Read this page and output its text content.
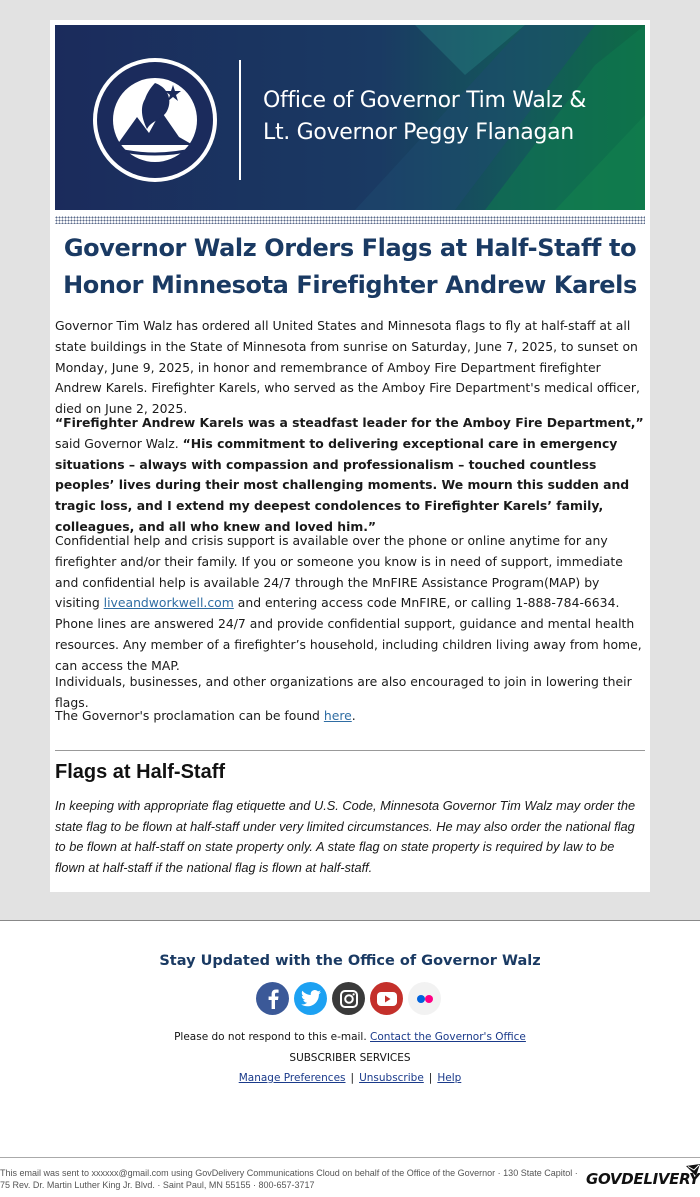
Office of Governor Tim Walz &
Lt. Governor Peggy Flanagan
Governor Walz Orders Flags at Half-Staff to Honor Minnesota Firefighter Andrew Karels

Governor Tim Walz has ordered all United States and Minnesota flags to fly at half-staff at all state buildings in the State of Minnesota from sunrise on Saturday, June 7, 2025, to sunset on Monday, June 9, 2025, in honor and remembrance of Amboy Fire Department firefighter Andrew Karels. Firefighter Karels, who served as the Amboy Fire Department's medical officer, died on June 2, 2025.

“Firefighter Andrew Karels was a steadfast leader for the Amboy Fire Department,” said Governor Walz. “His commitment to delivering exceptional care in emergency situations – always with compassion and professionalism – touched countless peoples’ lives during their most challenging moments. We mourn this sudden and tragic loss, and I extend my deepest condolences to Firefighter Karels’ family, colleagues, and all who knew and loved him.”

Confidential help and crisis support is available over the phone or online anytime for any firefighter and/or their family. If you or someone you know is in need of support, immediate and confidential help is available 24/7 through the MnFIRE Assistance Program(MAP) by visiting liveandworkwell.com and entering access code MnFIRE, or calling 1-888-784-6634. Phone lines are answered 24/7 and provide confidential support, guidance and mental health resources. Any member of a firefighter’s household, including children living away from home, can access the MAP.

Individuals, businesses, and other organizations are also encouraged to join in lowering their flags.

The Governor's proclamation can be found here.

Flags at Half-Staff

In keeping with appropriate flag etiquette and U.S. Code, Minnesota Governor Tim Walz may order the state flag to be flown at half-staff under very limited circumstances. He may also order the national flag to be flown at half-staff on state property only. A state flag on state property is required by law to be flown at half-staff if the national flag is flown at half-staff.

Stay Updated with the Office of Governor Walz
Please do not respond to this e-mail. Contact the Governor's Office
SUBSCRIBER SERVICES
Manage Preferences | Unsubscribe | Help
This email was sent to xxxxxx@gmail.com using GovDelivery Communications Cloud on behalf of the Office of the Governor · 130 State Capitol · 75 Rev. Dr. Martin Luther King Jr. Blvd. · Saint Paul, MN 55155 · 800-657-3717	GOVDELIVERY
